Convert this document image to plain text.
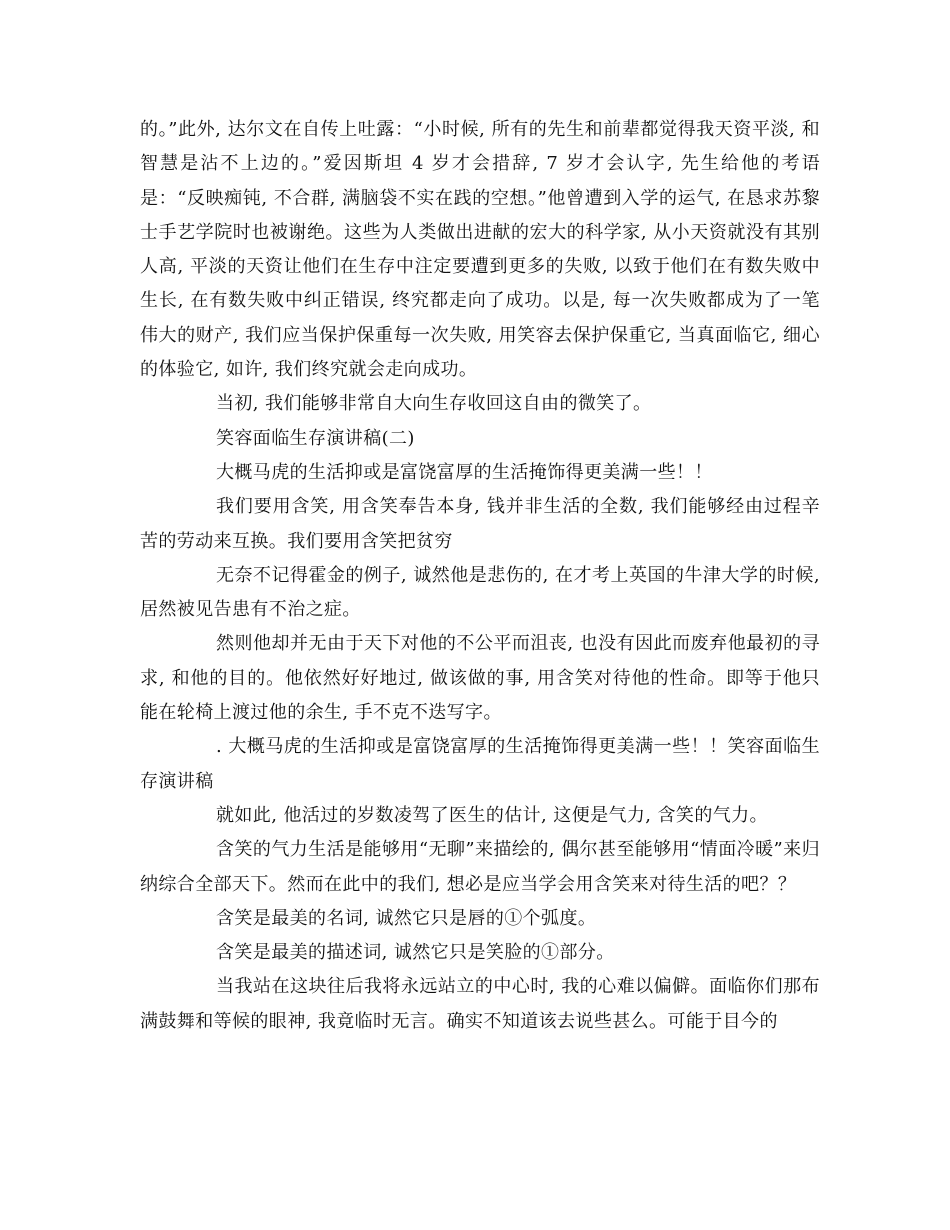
的。”此外, 达尔文在自传上吐露：“小时候, 所有的先生和前辈都觉得我天资平淡, 和智慧是沾不上边的。”爱因斯坦 4 岁才会措辞, 7 岁才会认字, 先生给他的考语是：“反映痴钝, 不合群, 满脑袋不实在践的空想。”他曾遭到入学的运气, 在恳求苏黎士手艺学院时也被谢绝。这些为人类做出进献的宏大的科学家, 从小天资就没有其别人高, 平淡的天资让他们在生存中注定要遭到更多的失败, 以致于他们在有数失败中生长, 在有数失败中纠正错误, 终究都走向了成功。以是, 每一次失败都成为了一笔伟大的财产, 我们应当保护保重每一次失败, 用笑容去保护保重它, 当真面临它, 细心的体验它, 如许, 我们终究就会走向成功。

当初, 我们能够非常自大向生存收回这自由的微笑了。

笑容面临生存演讲稿(二)

大概马虎的生活抑或是富饶富厚的生活掩饰得更美满一些！！

我们要用含笑, 用含笑奉告本身, 钱并非生活的全数, 我们能够经由过程辛苦的劳动来互换。我们要用含笑把贫穷

无奈不记得霍金的例子, 诚然他是悲伤的, 在才考上英国的牛津大学的时候, 居然被见告患有不治之症。

然则他却并无由于天下对他的不公平而沮丧, 也没有因此而废弃他最初的寻求, 和他的目的。他依然好好地过, 做该做的事, 用含笑对待他的性命。即等于他只能在轮椅上渡过他的余生, 手不克不迭写字。

. 大概马虎的生活抑或是富饶富厚的生活掩饰得更美满一些！！笑容面临生存演讲稿

就如此, 他活过的岁数凌驾了医生的估计, 这便是气力, 含笑的气力。

含笑的气力生活是能够用“无聊”来描绘的, 偶尔甚至能够用“情面冷暖”来归纳综合全部天下。然而在此中的我们, 想必是应当学会用含笑来对待生活的吧？？

含笑是最美的名词, 诚然它只是唇的①个弧度。

含笑是最美的描述词, 诚然它只是笑脸的①部分。

当我站在这块往后我将永远站立的中心时, 我的心难以偏僻。面临你们那布满鼓舞和等候的眼神, 我竟临时无言。确实不知道该去说些甚么。可能于目今的
